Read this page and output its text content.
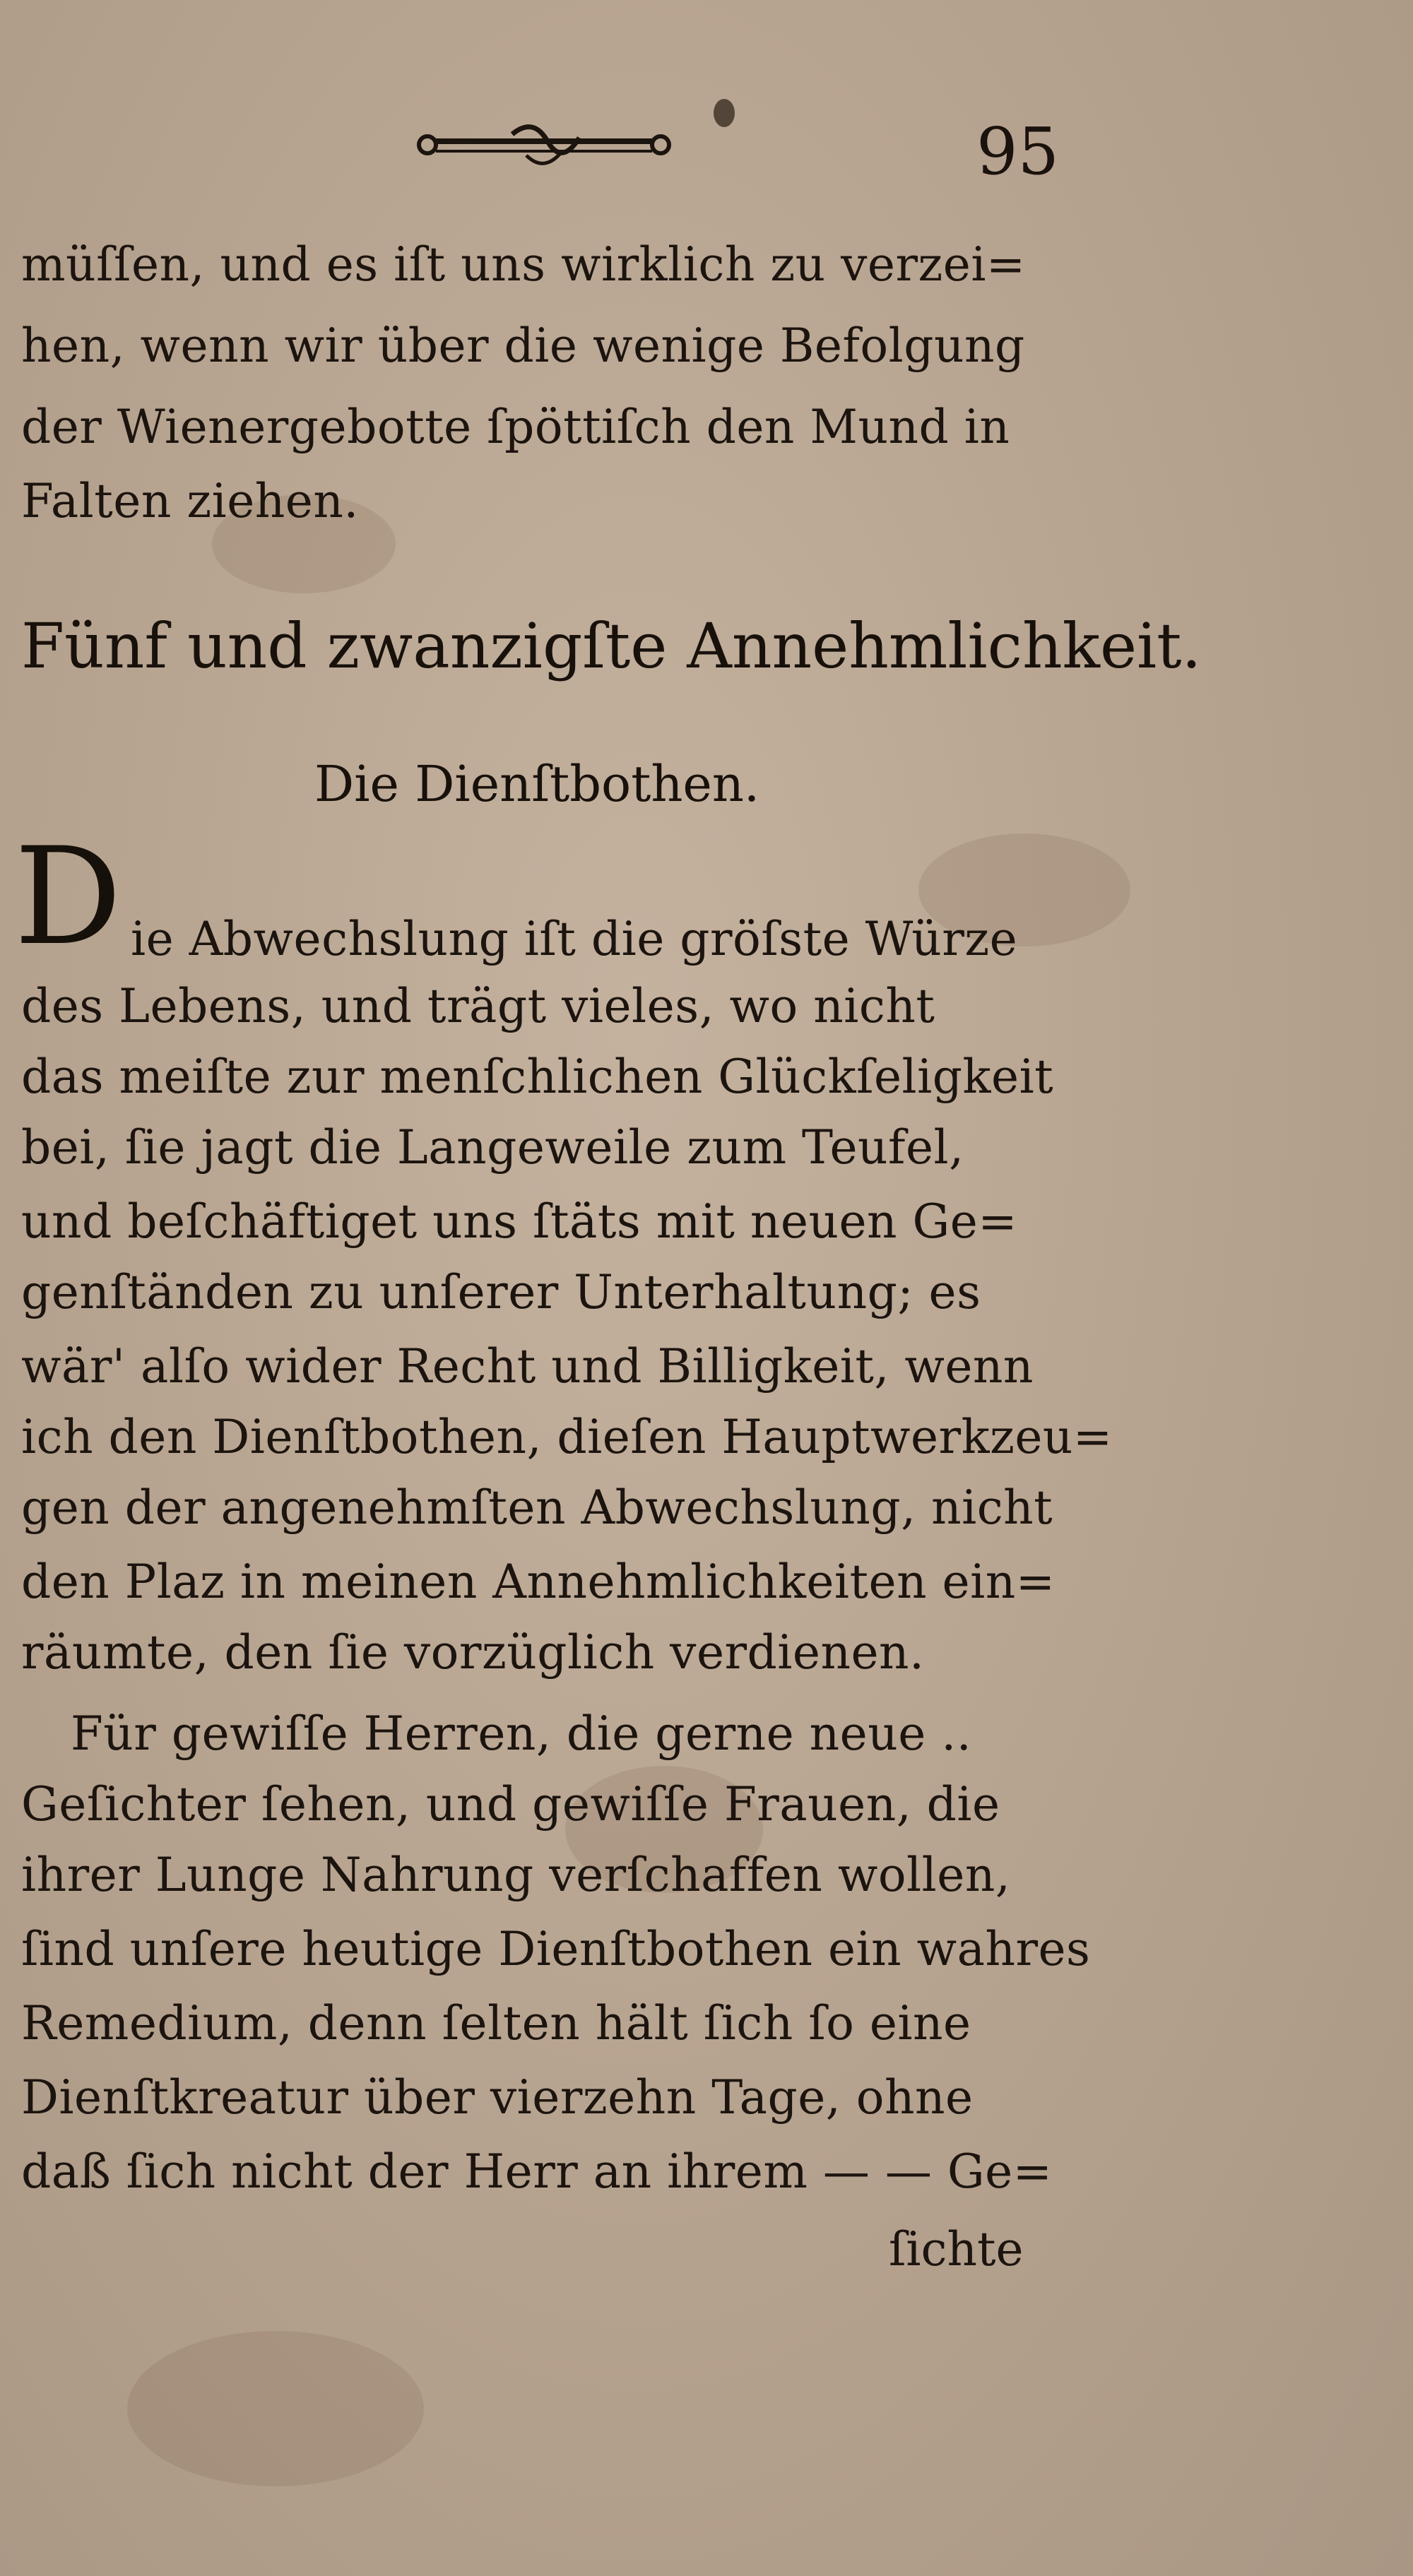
95
müſſen, und es iſt uns wirklich zu verzei=
hen, wenn wir über die wenige Befolgung
der Wienergebotte ſpöttiſch den Mund in
Falten ziehen.
Fünf und zwanzigſte Annehmlichkeit.
Die Dienſtbothen.
D ie Abwechslung iſt die gröſste Würze
des Lebens, und trägt vieles, wo nicht
das meiſte zur menſchlichen Glückſeligkeit
bei, ſie jagt die Langeweile zum Teufel,
und beſchäftiget uns ſtäts mit neuen Ge=
genſtänden zu unſerer Unterhaltung; es
wär' alſo wider Recht und Billigkeit, wenn
ich den Dienſtbothen, dieſen Hauptwerkzeu=
gen der angenehmſten Abwechslung, nicht
den Plaz in meinen Annehmlichkeiten ein=
räumte, den ſie vorzüglich verdienen.
Für gewiſſe Herren, die gerne neue ..
Geſichter ſehen, und gewiſſe Frauen, die
ihrer Lunge Nahrung verſchaffen wollen,
ſind unſere heutige Dienſtbothen ein wahres
Remedium, denn ſelten hält ſich ſo eine
Dienſtkreatur über vierzehn Tage, ohne
daß ſich nicht der Herr an ihrem — — Ge=
ſichte
